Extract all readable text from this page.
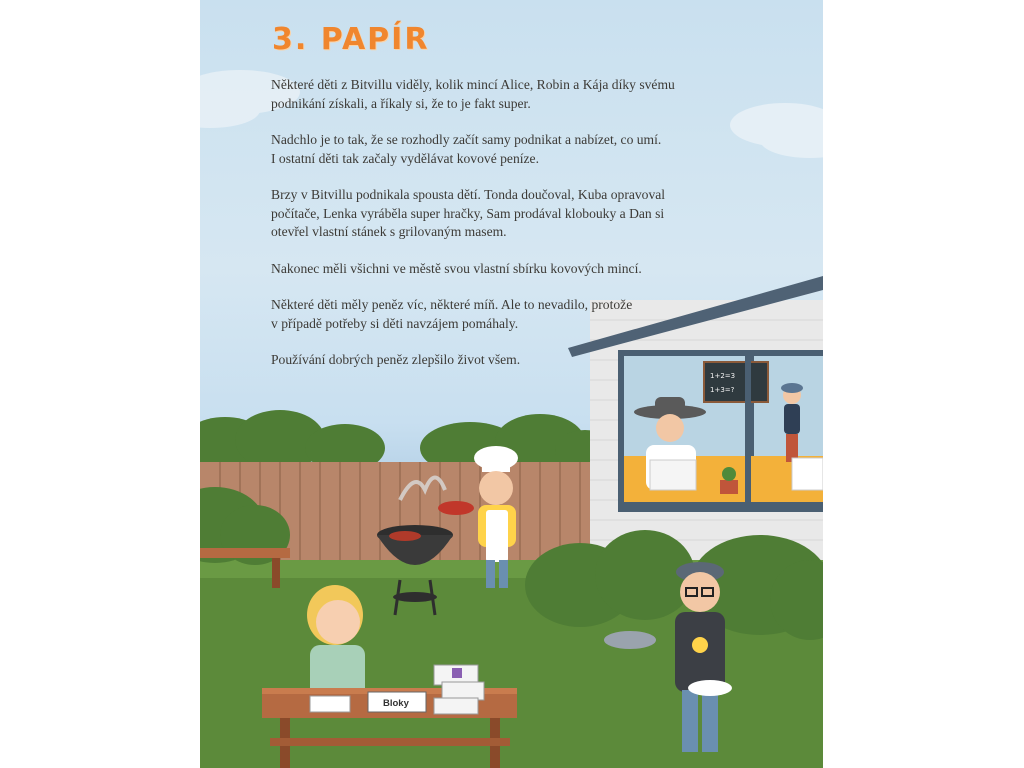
1+2=3
1+3=?
Bloky
3. PAPÍR

Některé děti z Bitvillu viděly, kolik mincí Alice, Robin a Kája díky svému
podnikání získali, a říkaly si, že to je fakt super.

Nadchlo je to tak, že se rozhodly začít samy podnikat a nabízet, co umí.
I ostatní děti tak začaly vydělávat kovové peníze.

Brzy v Bitvillu podnikala spousta dětí. Tonda doučoval, Kuba opravoval
počítače, Lenka vyráběla super hračky, Sam prodával klobouky a Dan si
otevřel vlastní stánek s grilovaným masem.

Nakonec měli všichni ve městě svou vlastní sbírku kovových mincí.

Některé děti měly peněz víc, některé míň. Ale to nevadilo, protože
v případě potřeby si děti navzájem pomáhaly.

Používání dobrých peněz zlepšilo život všem.
